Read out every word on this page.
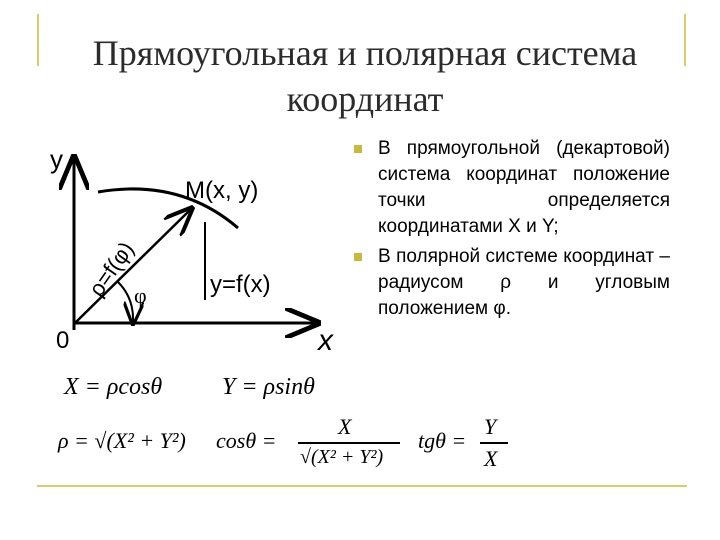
Прямоугольная и полярная система
координат
y
x
0
M(x, y)
ρ=f(φ)
φ	y=f(x)
В прямоугольной (декартовой) система координат положение точки определяется координатами X и Y;
В полярной системе координат – радиусом ρ и угловым положением φ.
X = ρcosθ Y = ρsinθ
ρ = √(X² + Y²) cosθ =
X
√(X² + Y²)
tgθ =
Y
X
